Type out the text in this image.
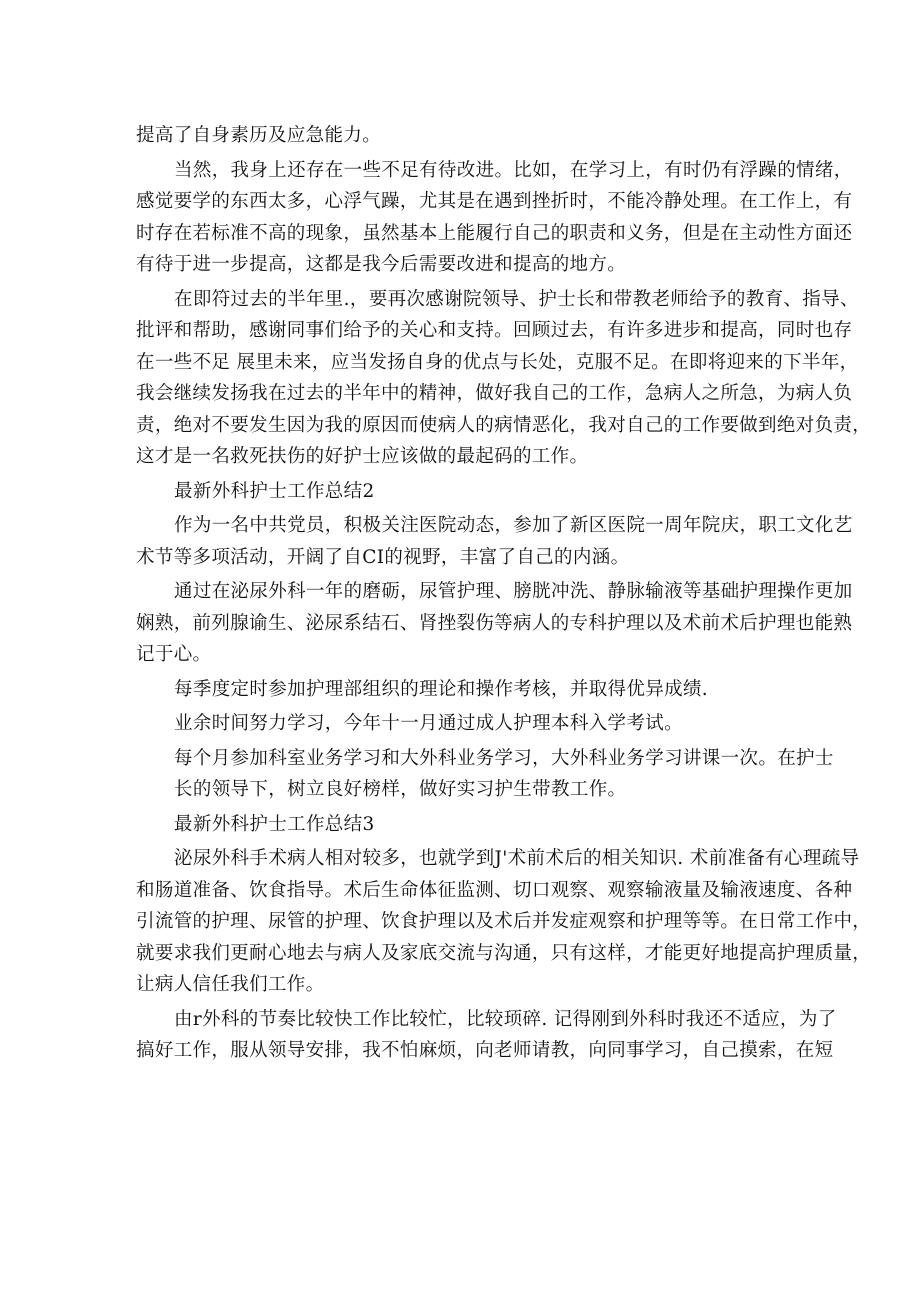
提高了自身素历及应急能力。
当然，我身上还存在一些不足有待改进。比如，在学习上，有时仍有浮躁的情绪，
感觉要学的东西太多，心浮气躁，尤其是在遇到挫折时，不能冷静处理。在工作上，有
时存在若标准不高的现象，虽然基本上能履行自己的职责和义务，但是在主动性方面还
有待于进一步提高，这都是我今后需要改进和提高的地方。
在即符过去的半年里.，要再次感谢院领导、护士长和带教老师给予的教育、指导、
批评和帮助，感谢同事们给予的关心和支持。回顾过去，有许多进步和提高，同时也存
在一些不足 展里未来，应当发扬自身的优点与长处，克服不足。在即将迎来的下半年，
我会继续发扬我在过去的半年中的精神，做好我自己的工作，急病人之所急，为病人负
责，绝对不要发生因为我的原因而使病人的病情恶化，我对自己的工作要做到绝对负责，
这才是一名救死扶伤的好护士应该做的最起码的工作。
最新外科护士工作总结2
作为一名中共党员，积极关注医院动态，参加了新区医院一周年院庆，职工文化艺
术节等多项活动，开阔了自CI的视野，丰富了自己的内涵。
通过在泌尿外科一年的磨砺，尿管护理、膀胱冲洗、静脉输液等基础护理操作更加
娴熟，前列腺谕生、泌尿系结石、肾挫裂伤等病人的专科护理以及术前术后护理也能熟
记于心。
每季度定时参加护理部组织的理论和操作考核，并取得优异成绩.
业余时间努力学习，今年十一月通过成人护理本科入学考试。
每个月参加科室业务学习和大外科业务学习，大外科业务学习讲课一次。在护士
长的领导下，树立良好榜样，做好实习护生带教工作。
最新外科护士工作总结3
泌尿外科手术病人相对较多，也就学到J'术前术后的相关知识. 术前准备有心理疏导
和肠道准备、饮食指导。术后生命体征监测、切口观察、观察输液量及输液速度、各种
引流管的护理、尿管的护理、饮食护理以及术后并发症观察和护理等等。在日常工作中，
就要求我们更耐心地去与病人及家底交流与沟通，只有这样，才能更好地提高护理质量，
让病人信任我们工作。
由r外科的节奏比较快工作比较忙，比较顼碎. 记得刚到外科时我还不适应，为了
搞好工作，服从领导安排，我不怕麻烦，向老师请教，向同事学习，自己摸索，在短
